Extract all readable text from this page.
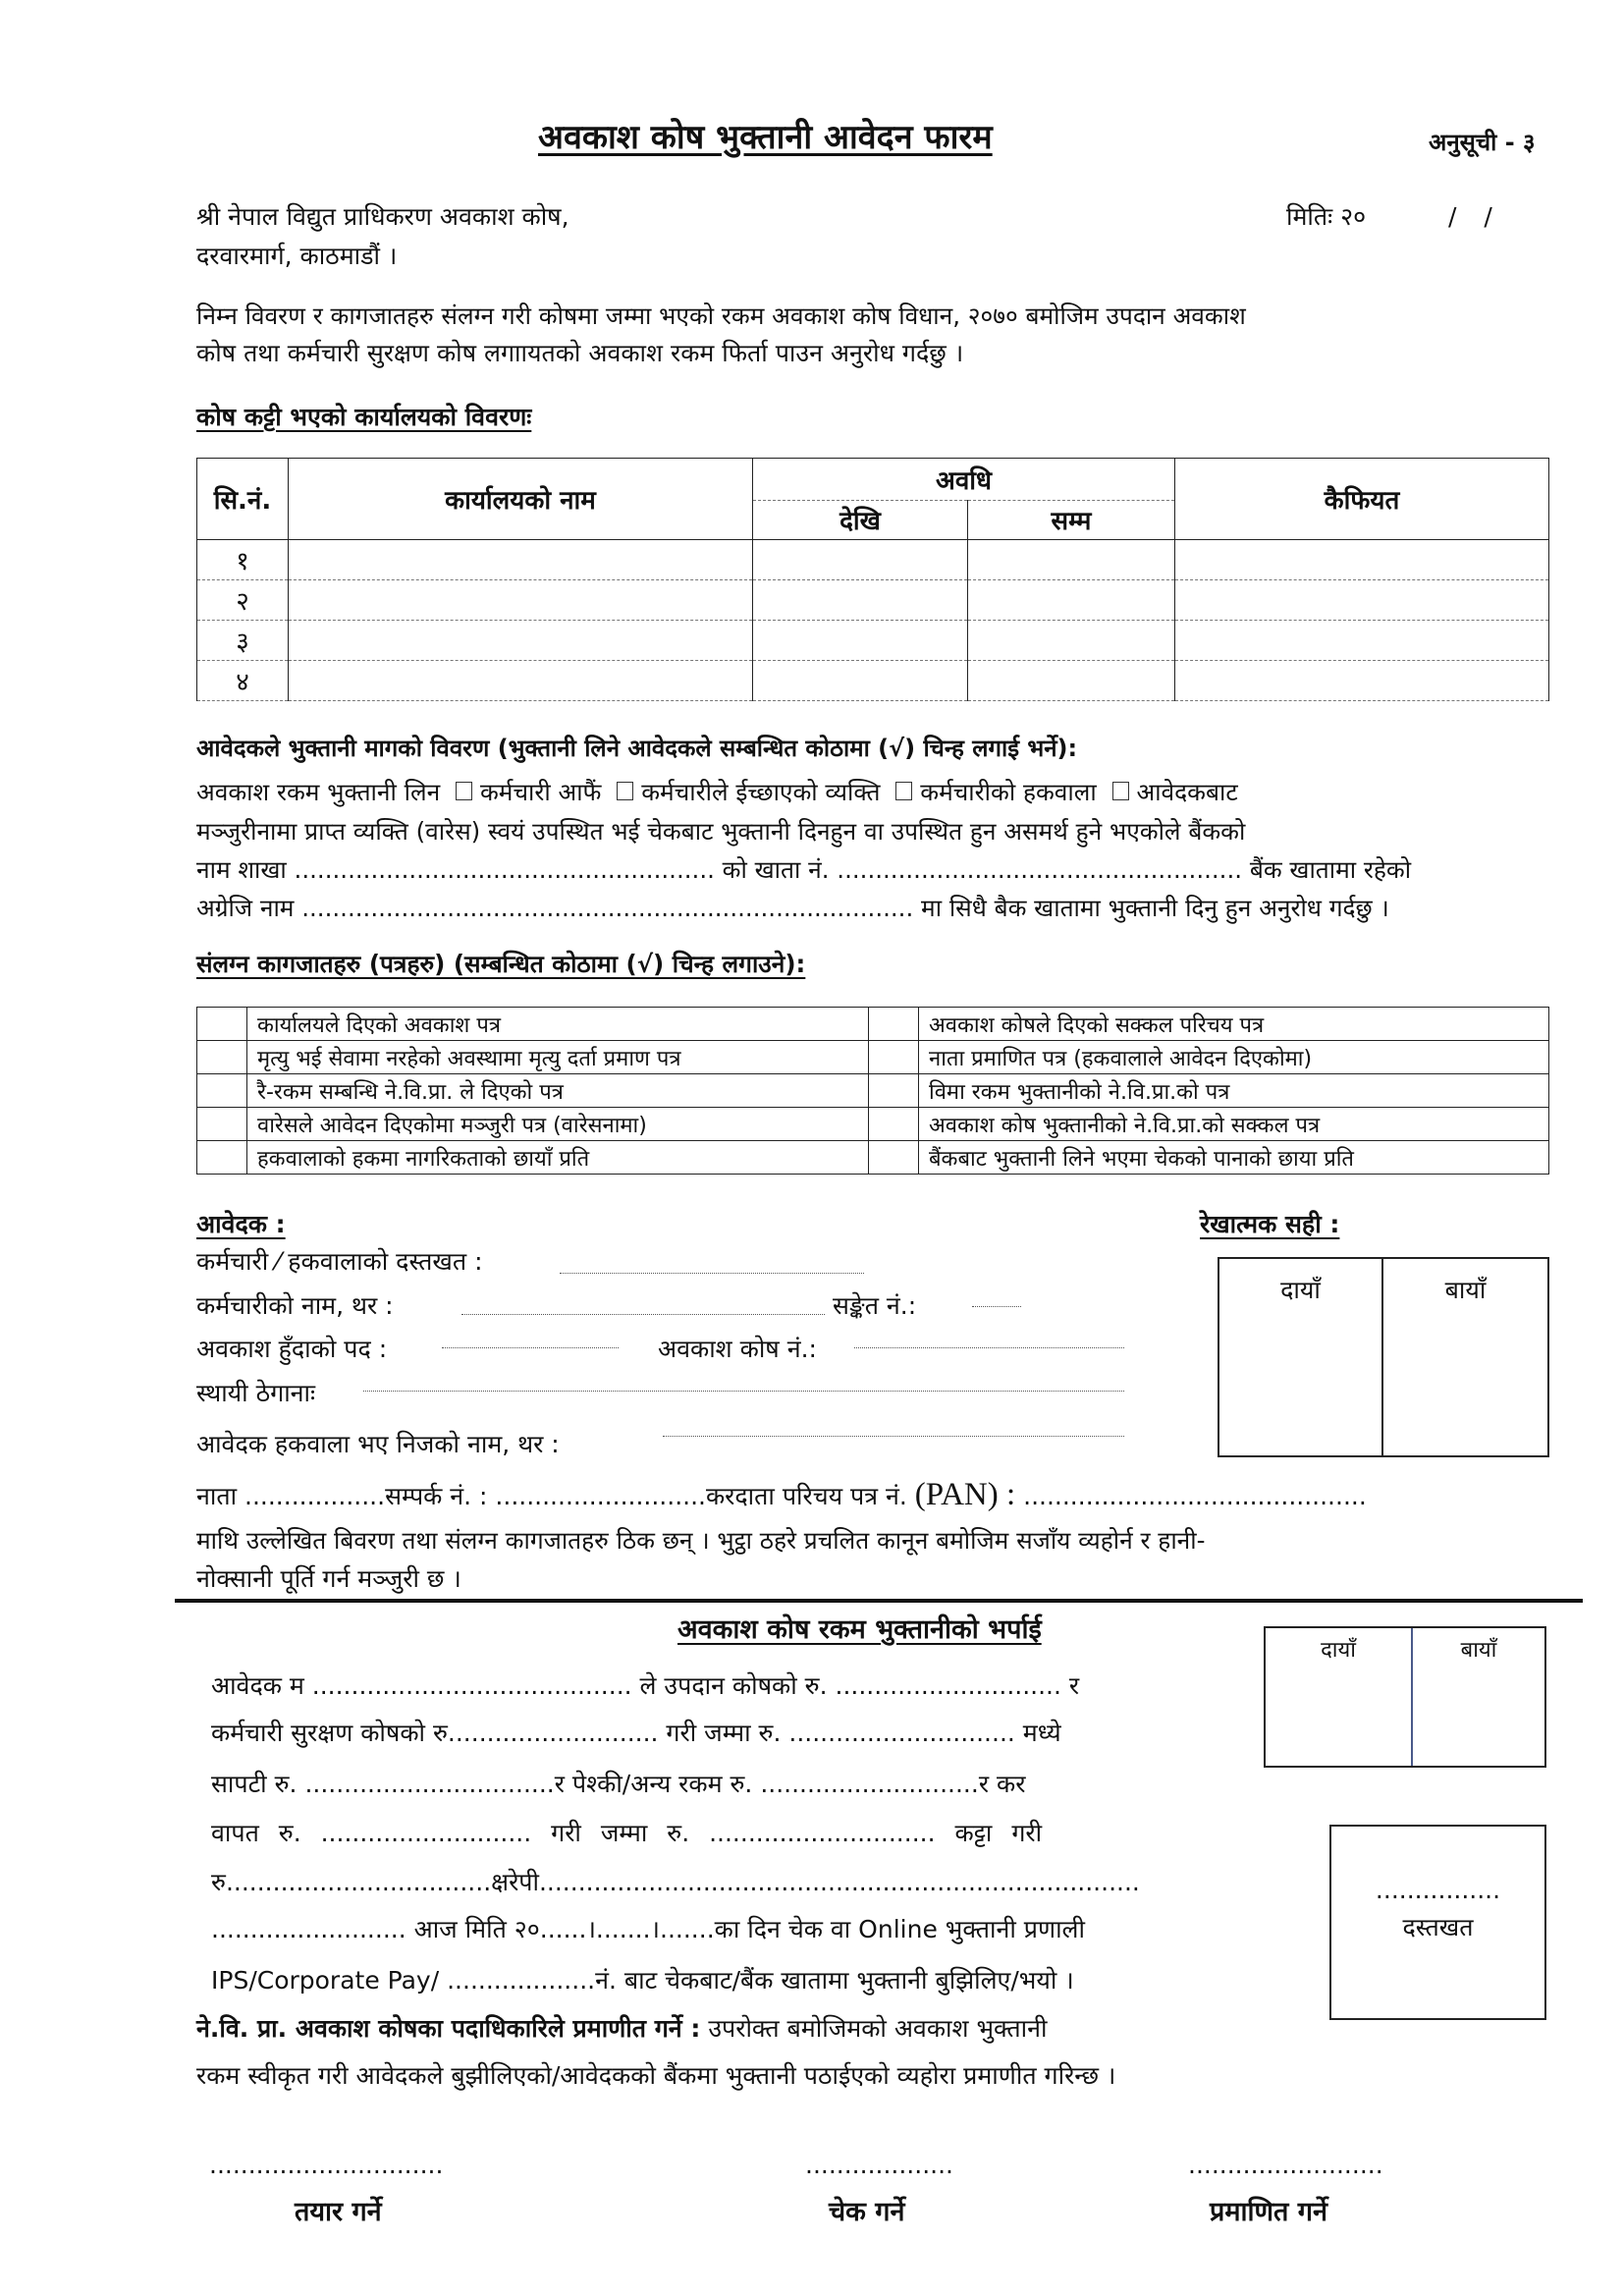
अवकाश कोष भुक्तानी आवेदन फारम	अनुसूची - ३
श्री नेपाल विद्युत प्राधिकरण अवकाश कोष,
दरवारमार्ग, काठमाडौं ।
मितिः २०	/ /
निम्न विवरण र कागजातहरु संलग्न गरी कोषमा जम्मा भएको रकम अवकाश कोष विधान, २०७० बमोजिम उपदान अवकाश
कोष तथा कर्मचारी सुरक्षण कोष लगाायतको अवकाश रकम फिर्ता पाउन अनुरोध गर्दछु ।
कोष कट्टी भएको कार्यालयको विवरणः
सि.नं.	कार्यालयको नाम	अवधि		कैफियत
		देखि	सम्म	
१				
२				
३				
४				
आवेदकले भुक्तानी मागको विवरण (भुक्तानी लिने आवेदकले सम्बन्धित कोठामा (√) चिन्ह लगाई भर्ने):
अवकाश रकम भुक्तानी लिन कर्मचारी आफैं कर्मचारीले ईच्छाएको व्यक्ति कर्मचारीको हकवाला आवेदकबाट
मञ्जुरीनामा प्राप्त व्यक्ति (वारेस) स्वयं उपस्थित भई चेकबाट भुक्तानी दिनहुन वा उपस्थित हुन असमर्थ हुने भएकोले बैंकको
नाम शाखा ....................................................... को खाता नं. ..................................................... बैंक खातामा रहेको
अग्रेजि नाम ................................................................................ मा सिधै बैक खातामा भुक्तानी दिनु हुन अनुरोध गर्दछु ।
संलग्न कागजातहरु (पत्रहरु) (सम्बन्धित कोठामा (√) चिन्ह लगाउने):
	कार्यालयले दिएको अवकाश पत्र		अवकाश कोषले दिएको सक्कल परिचय पत्र
	मृत्यु भई सेवामा नरहेको अवस्थामा मृत्यु दर्ता प्रमाण पत्र		नाता प्रमाणित पत्र (हकवालाले आवेदन दिएकोमा)
	रै-रकम सम्बन्धि ने.वि.प्रा. ले दिएको पत्र		विमा रकम भुक्तानीको ने.वि.प्रा.को पत्र
	वारेसले आवेदन दिएकोमा मञ्जुरी पत्र (वारेसनामा)		अवकाश कोष भुक्तानीको ने.वि.प्रा.को सक्कल पत्र
	हकवालाको हकमा नागरिकताको छायाँ प्रति		बैंकबाट भुक्तानी लिने भएमा चेकको पानाको छाया प्रति
आवेदक :
कर्मचारी ⁄ हकवालाको दस्तखत :
कर्मचारीको नाम, थर :	सङ्केत नं.:
अवकाश हुँदाको पद :	अवकाश कोष नं.:
स्थायी ठेगानाः
आवेदक हकवाला भए निजको नाम, थर :
नाता ..................सम्पर्क नं. : ...........................करदाता परिचय पत्र नं. (PAN) : ............................................
माथि उल्लेखित बिवरण तथा संलग्न कागजातहरु ठिक छन् । भुट्ठा ठहरे प्रचलित कानून बमोजिम सजाँय व्यहोर्न र हानी-
नोक्सानी पूर्ति गर्न मञ्जुरी छ ।
रेखात्मक सही :
दायाँ	बायाँ
अवकाश कोष रकम भुक्तानीको भर्पाई
दायाँ	बायाँ
आवेदक म ......................................... ले उपदान कोषको रु. ............................. र
कर्मचारी सुरक्षण कोषको रु........................... गरी जम्मा रु. ............................. मध्ये
सापटी रु. ................................र पेश्की/अन्य रकम रु. ............................र कर
वापत रु. ........................... गरी जम्मा रु. ............................. कट्टा गरी
रु..................................क्षरेपी.............................................................................
......................... आज मिति २०......।.......।.......का दिन चेक वा Online भुक्तानी प्रणाली
IPS/Corporate Pay/ ...................नं. बाट चेकबाट/बैंक खातामा भुक्तानी बुझिलिए/भयो ।
................
दस्तखत
ने.वि. प्रा. अवकाश कोषका पदाधिकारिले प्रमाणीत गर्ने : उपरोक्त बमोजिमको अवकाश भुक्तानी
रकम स्वीकृत गरी आवेदकले बुझीलिएको/आवेदकको बैंकमा भुक्तानी पठाईएको व्यहोरा प्रमाणीत गरिन्छ ।
..............................
तयार गर्ने
...................
चेक गर्ने
.........................
प्रमाणित गर्ने
